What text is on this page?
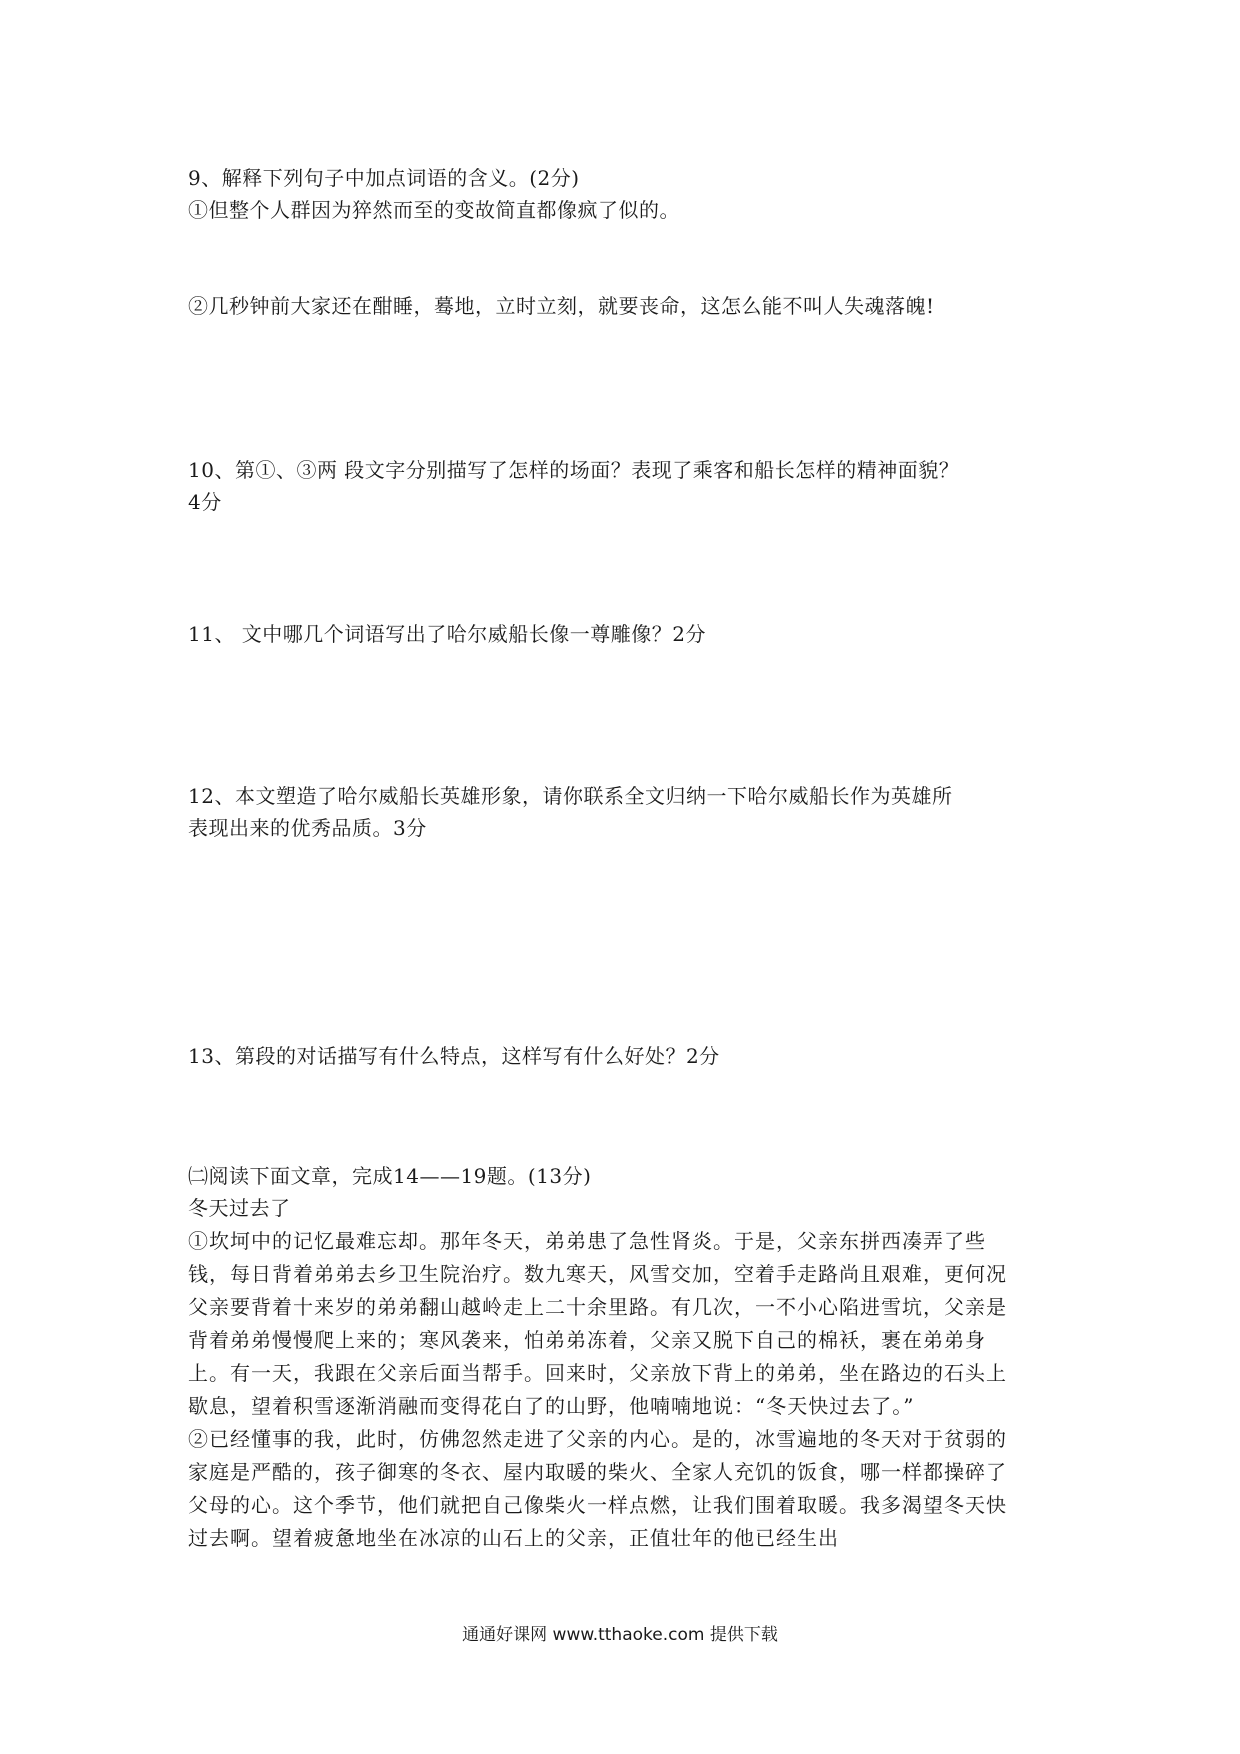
9、解释下列句子中加点词语的含义。(2分)
①但整个人群因为猝然而至的变故简直都像疯了似的。
②几秒钟前大家还在酣睡，蓦地，立时立刻，就要丧命，这怎么能不叫人失魂落魄!
10、第①、③两 段文字分别描写了怎样的场面？表现了乘客和船长怎样的精神面貌？
4分
11、 文中哪几个词语写出了哈尔威船长像一尊雕像？2分
12、本文塑造了哈尔威船长英雄形象，请你联系全文归纳一下哈尔威船长作为英雄所
表现出来的优秀品质。3分
13、第段的对话描写有什么特点，这样写有什么好处？2分
㈡阅读下面文章，完成14——19题。(13分)
冬天过去了

①坎坷中的记忆最难忘却。那年冬天，弟弟患了急性肾炎。于是，父亲东拼西凑弄了些钱，每日背着弟弟去乡卫生院治疗。数九寒天，风雪交加，空着手走路尚且艰难，更何况父亲要背着十来岁的弟弟翻山越岭走上二十余里路。有几次，一不小心陷进雪坑，父亲是背着弟弟慢慢爬上来的；寒风袭来，怕弟弟冻着，父亲又脱下自己的棉袄，裹在弟弟身上。有一天，我跟在父亲后面当帮手。回来时，父亲放下背上的弟弟，坐在路边的石头上歇息，望着积雪逐渐消融而变得花白了的山野，他喃喃地说：“冬天快过去了。”

②已经懂事的我，此时，仿佛忽然走进了父亲的内心。是的，冰雪遍地的冬天对于贫弱的家庭是严酷的，孩子御寒的冬衣、屋内取暖的柴火、全家人充饥的饭食，哪一样都操碎了父母的心。这个季节，他们就把自己像柴火一样点燃，让我们围着取暖。我多渴望冬天快过去啊。望着疲惫地坐在冰凉的山石上的父亲，正值壮年的他已经生出

通通好课网 www.tthaoke.com 提供下载
